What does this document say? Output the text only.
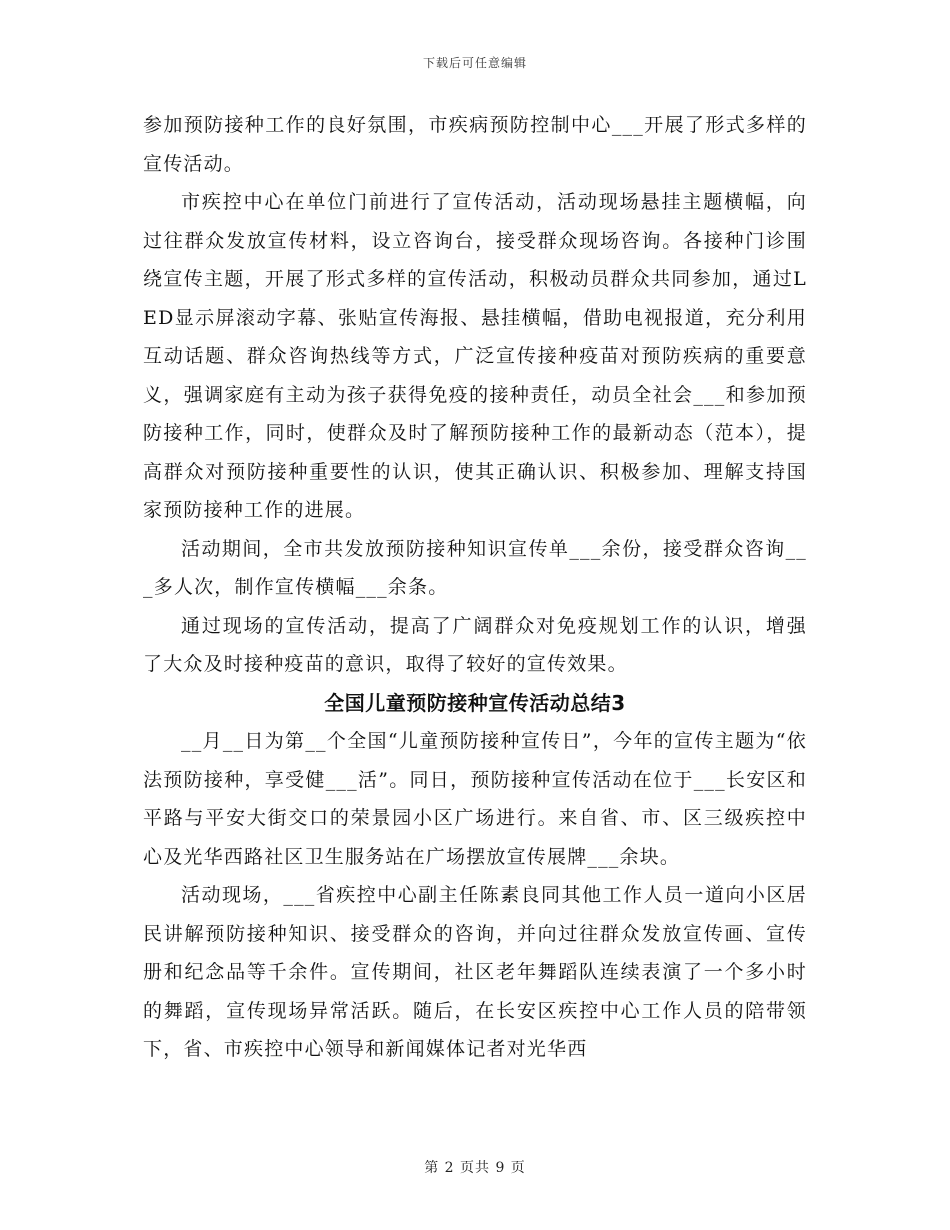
下载后可任意编辑

参加预防接种工作的良好氛围，市疾病预防控制中心___开展了形式多样的宣传活动。

市疾控中心在单位门前进行了宣传活动，活动现场悬挂主题横幅，向过往群众发放宣传材料，设立咨询台，接受群众现场咨询。各接种门诊围绕宣传主题，开展了形式多样的宣传活动，积极动员群众共同参加，通过LED显示屏滚动字幕、张贴宣传海报、悬挂横幅，借助电视报道，充分利用互动话题、群众咨询热线等方式，广泛宣传接种疫苗对预防疾病的重要意义，强调家庭有主动为孩子获得免疫的接种责任，动员全社会___和参加预防接种工作，同时，使群众及时了解预防接种工作的最新动态（范本），提高群众对预防接种重要性的认识，使其正确认识、积极参加、理解支持国家预防接种工作的进展。

活动期间，全市共发放预防接种知识宣传单___余份，接受群众咨询___多人次，制作宣传横幅___余条。

通过现场的宣传活动，提高了广阔群众对免疫规划工作的认识，增强了大众及时接种疫苗的意识，取得了较好的宣传效果。

全国儿童预防接种宣传活动总结3

__月__日为第__个全国“儿童预防接种宣传日”，今年的宣传主题为“依法预防接种，享受健___活”。同日，预防接种宣传活动在位于___长安区和平路与平安大街交口的荣景园小区广场进行。来自省、市、区三级疾控中心及光华西路社区卫生服务站在广场摆放宣传展牌___余块。

活动现场，___省疾控中心副主任陈素良同其他工作人员一道向小区居民讲解预防接种知识、接受群众的咨询，并向过往群众发放宣传画、宣传册和纪念品等千余件。宣传期间，社区老年舞蹈队连续表演了一个多小时的舞蹈，宣传现场异常活跃。随后，在长安区疾控中心工作人员的陪带领下，省、市疾控中心领导和新闻媒体记者对光华西

第 2 页共 9 页
